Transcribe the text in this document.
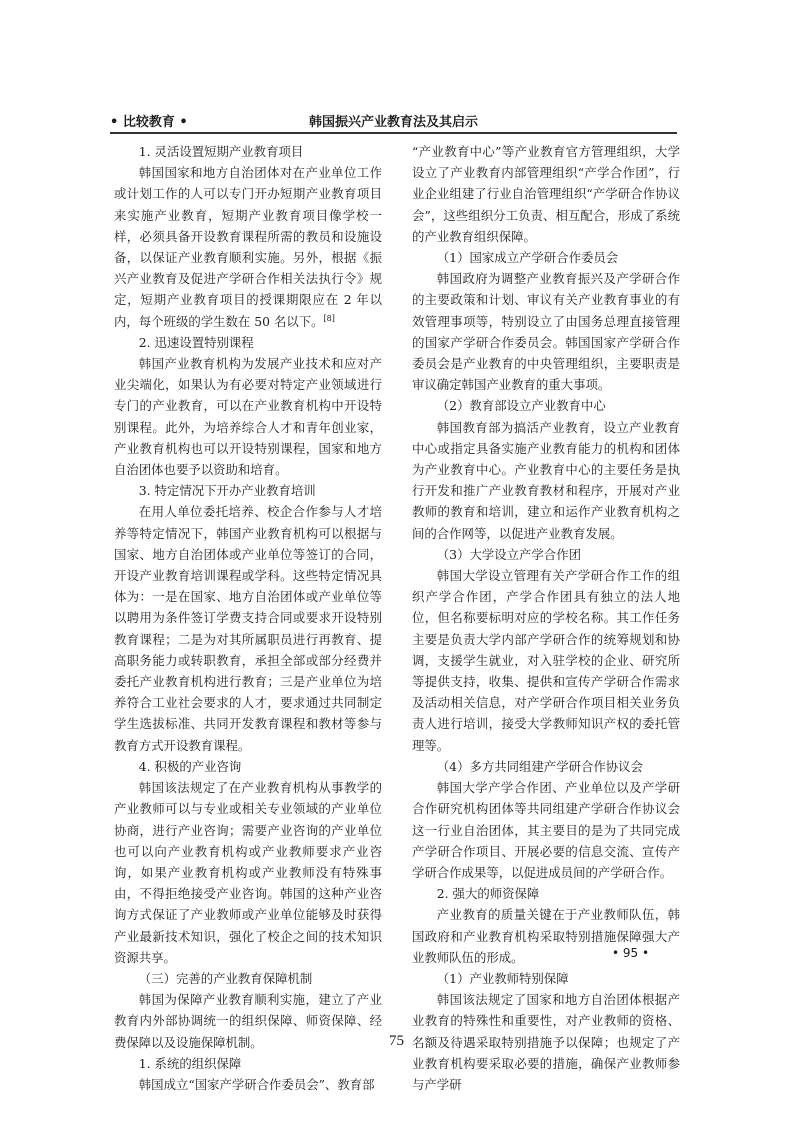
• 比较教育 •	韩国振兴产业教育法及其启示

1. 灵活设置短期产业教育项目

韩国国家和地方自治团体对在产业单位工作或计划工作的人可以专门开办短期产业教育项目来实施产业教育，短期产业教育项目像学校一样，必须具备开设教育课程所需的教员和设施设备，以保证产业教育顺利实施。另外，根据《振兴产业教育及促进产学研合作相关法执行令》规定，短期产业教育项目的授课期限应在 2 年以内，每个班级的学生数在 50 名以下。[8]

2. 迅速设置特别课程

韩国产业教育机构为发展产业技术和应对产业尖端化，如果认为有必要对特定产业领域进行专门的产业教育，可以在产业教育机构中开设特别课程。此外，为培养综合人才和青年创业家，产业教育机构也可以开设特别课程，国家和地方自治团体也要予以资助和培育。

3. 特定情况下开办产业教育培训

在用人单位委托培养、校企合作参与人才培养等特定情况下，韩国产业教育机构可以根据与国家、地方自治团体或产业单位等签订的合同，开设产业教育培训课程或学科。这些特定情况具体为：一是在国家、地方自治团体或产业单位等以聘用为条件签订学费支持合同或要求开设特别教育课程；二是为对其所属职员进行再教育、提高职务能力或转职教育，承担全部或部分经费并委托产业教育机构进行教育；三是产业单位为培养符合工业社会要求的人才，要求通过共同制定学生选拔标准、共同开发教育课程和教材等参与教育方式开设教育课程。

4. 积极的产业咨询

韩国该法规定了在产业教育机构从事教学的产业教师可以与专业或相关专业领域的产业单位协商，进行产业咨询；需要产业咨询的产业单位也可以向产业教育机构或产业教师要求产业咨询，如果产业教育机构或产业教师没有特殊事由，不得拒绝接受产业咨询。韩国的这种产业咨询方式保证了产业教师或产业单位能够及时获得产业最新技术知识，强化了校企之间的技术知识资源共享。

（三）完善的产业教育保障机制

韩国为保障产业教育顺利实施，建立了产业教育内外部协调统一的组织保障、师资保障、经费保障以及设施保障机制。

1. 系统的组织保障

韩国成立“国家产学研合作委员会”、教育部

“产业教育中心”等产业教育官方管理组织，大学设立了产业教育内部管理组织“产学合作团”，行业企业组建了行业自治管理组织“产学研合作协议会”，这些组织分工负责、相互配合，形成了系统的产业教育组织保障。

（1）国家成立产学研合作委员会

韩国政府为调整产业教育振兴及产学研合作的主要政策和计划、审议有关产业教育事业的有效管理事项等，特别设立了由国务总理直接管理的国家产学研合作委员会。韩国国家产学研合作委员会是产业教育的中央管理组织，主要职责是审议确定韩国产业教育的重大事项。

（2）教育部设立产业教育中心

韩国教育部为搞活产业教育，设立产业教育中心或指定具备实施产业教育能力的机构和团体为产业教育中心。产业教育中心的主要任务是执行开发和推广产业教育教材和程序，开展对产业教师的教育和培训，建立和运作产业教育机构之间的合作网等，以促进产业教育发展。

（3）大学设立产学合作团

韩国大学设立管理有关产学研合作工作的组织产学合作团，产学合作团具有独立的法人地位，但名称要标明对应的学校名称。其工作任务主要是负责大学内部产学研合作的统筹规划和协调，支援学生就业，对入驻学校的企业、研究所等提供支持，收集、提供和宣传产学研合作需求及活动相关信息，对产学研合作项目相关业务负责人进行培训，接受大学教师知识产权的委托管理等。

（4）多方共同组建产学研合作协议会

韩国大学产学合作团、产业单位以及产学研合作研究机构团体等共同组建产学研合作协议会这一行业自治团体，其主要目的是为了共同完成产学研合作项目、开展必要的信息交流、宣传产学研合作成果等，以促进成员间的产学研合作。

2. 强大的师资保障

产业教育的质量关键在于产业教师队伍，韩国政府和产业教育机构采取特别措施保障强大产业教师队伍的形成。

（1）产业教师特别保障

韩国该法规定了国家和地方自治团体根据产业教育的特殊性和重要性，对产业教师的资格、名额及待遇采取特别措施予以保障；也规定了产业教育机构要采取必要的措施，确保产业教师参与产学研

• 95 •
75
